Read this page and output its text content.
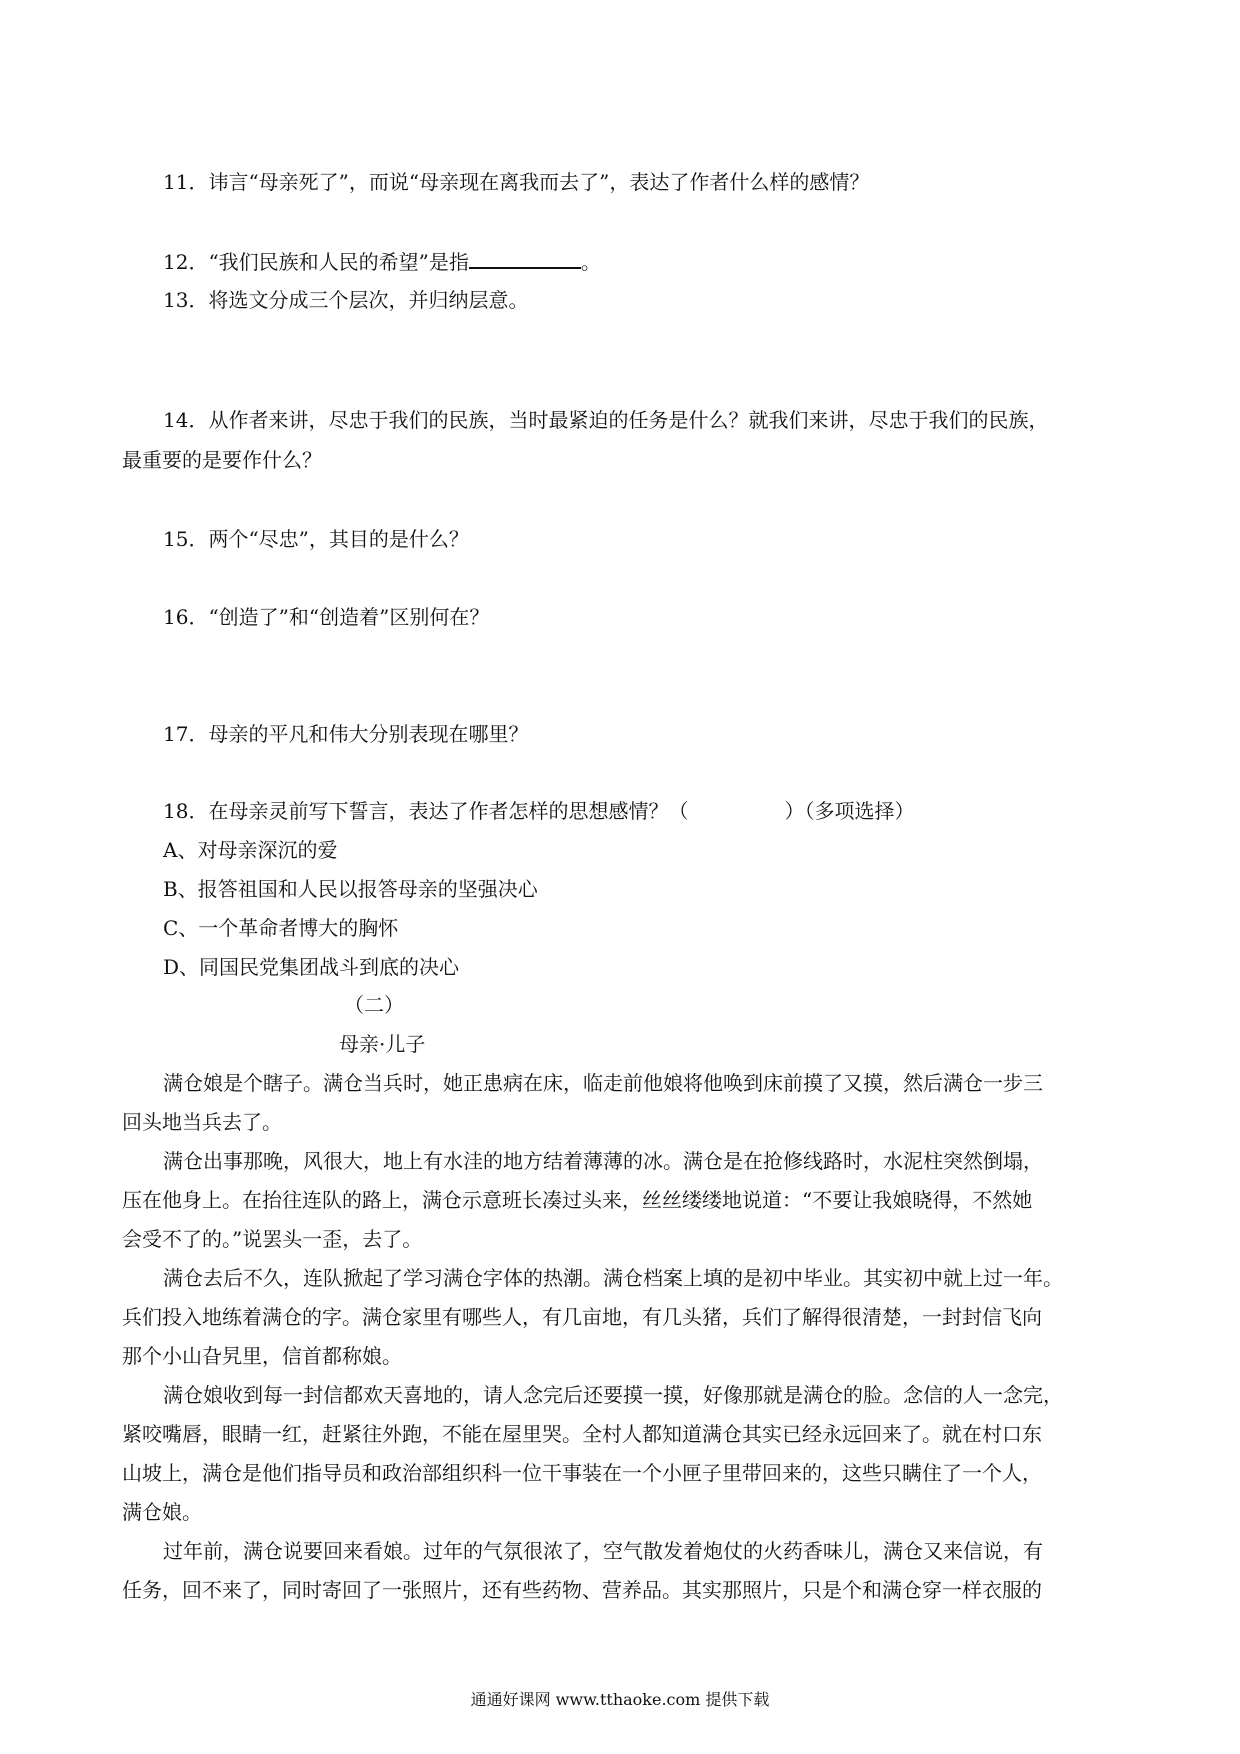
11．讳言“母亲死了”，而说“母亲现在离我而去了”，表达了作者什么样的感情？
12．“我们民族和人民的希望”是指	。
13．将选文分成三个层次，并归纳层意。
14．从作者来讲，尽忠于我们的民族，当时最紧迫的任务是什么？就我们来讲，尽忠于我们的民族，
最重要的是要作什么？
15．两个“尽忠”，其目的是什么？
16．“创造了”和“创造着”区别何在？
17．母亲的平凡和伟大分别表现在哪里？
18．在母亲灵前写下誓言，表达了作者怎样的思想感情？（	）（多项选择）
A、对母亲深沉的爱
B、报答祖国和人民以报答母亲的坚强决心
C、一个革命者博大的胸怀
D、同国民党集团战斗到底的决心
（二）
母亲·儿子
满仓娘是个瞎子。满仓当兵时，她正患病在床，临走前他娘将他唤到床前摸了又摸，然后满仓一步三
回头地当兵去了。
满仓出事那晚，风很大，地上有水洼的地方结着薄薄的冰。满仓是在抢修线路时，水泥柱突然倒塌，
压在他身上。在抬往连队的路上，满仓示意班长凑过头来，丝丝缕缕地说道：“不要让我娘晓得，不然她
会受不了的。”说罢头一歪，去了。
满仓去后不久，连队掀起了学习满仓字体的热潮。满仓档案上填的是初中毕业。其实初中就上过一年。
兵们投入地练着满仓的字。满仓家里有哪些人，有几亩地，有几头猪，兵们了解得很清楚，一封封信飞向
那个小山旮旯里，信首都称娘。
满仓娘收到每一封信都欢天喜地的，请人念完后还要摸一摸，好像那就是满仓的脸。念信的人一念完，
紧咬嘴唇，眼睛一红，赶紧往外跑，不能在屋里哭。全村人都知道满仓其实已经永远回来了。就在村口东
山坡上，满仓是他们指导员和政治部组织科一位干事装在一个小匣子里带回来的，这些只瞒住了一个人，
满仓娘。
过年前，满仓说要回来看娘。过年的气氛很浓了，空气散发着炮仗的火药香味儿，满仓又来信说，有
任务，回不来了，同时寄回了一张照片，还有些药物、营养品。其实那照片，只是个和满仓穿一样衣服的
通通好课网 www.tthaoke.com 提供下载
